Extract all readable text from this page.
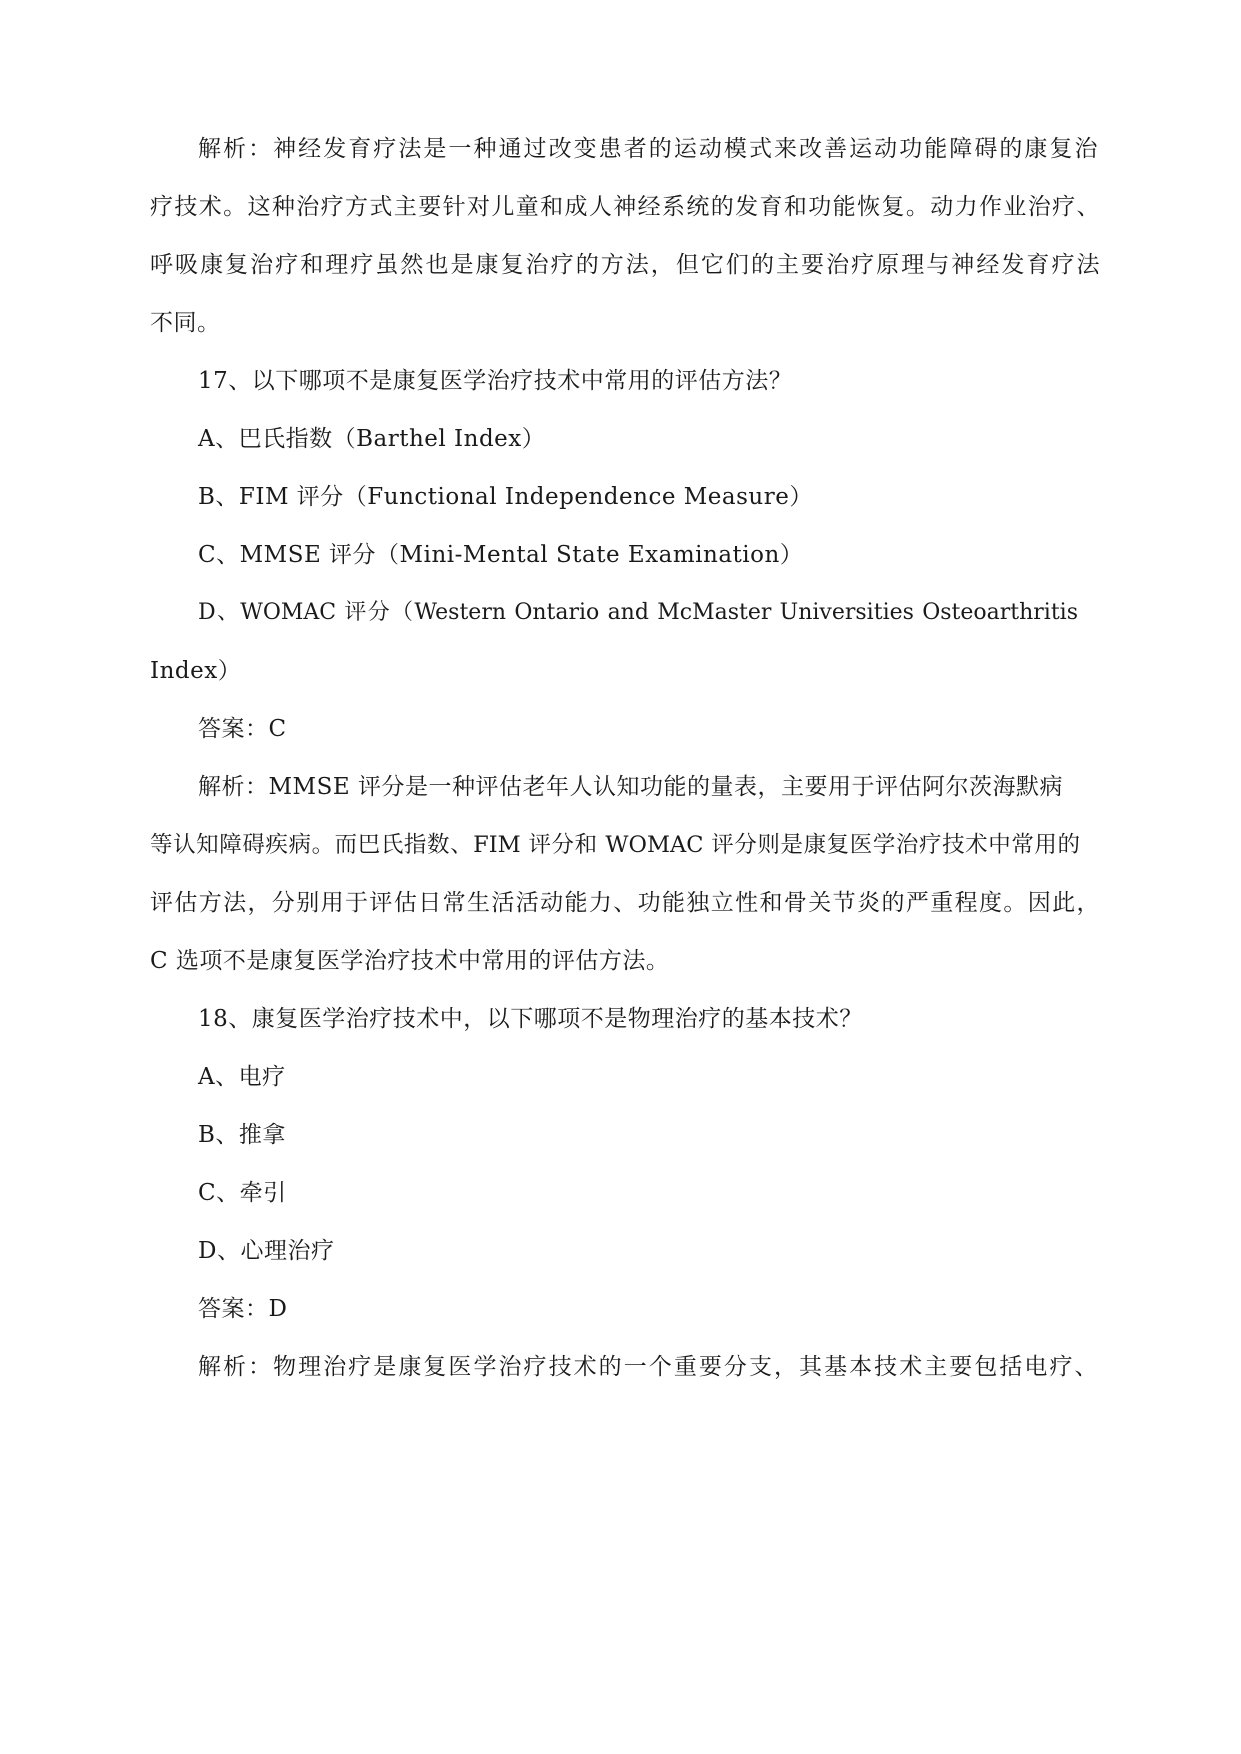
解析：神经发育疗法是一种通过改变患者的运动模式来改善运动功能障碍的康复治
疗技术。这种治疗方式主要针对儿童和成人神经系统的发育和功能恢复。动力作业治疗、
呼吸康复治疗和理疗虽然也是康复治疗的方法，但它们的主要治疗原理与神经发育疗法
不同。
17、以下哪项不是康复医学治疗技术中常用的评估方法？
A、巴氏指数（Barthel Index）
B、FIM 评分（Functional Independence Measure）
C、MMSE 评分（Mini-Mental State Examination）
D、WOMAC 评分（Western Ontario and McMaster Universities Osteoarthritis
Index）
答案：C
解析：MMSE 评分是一种评估老年人认知功能的量表，主要用于评估阿尔茨海默病
等认知障碍疾病。而巴氏指数、FIM 评分和 WOMAC 评分则是康复医学治疗技术中常用的
评估方法，分别用于评估日常生活活动能力、功能独立性和骨关节炎的严重程度。因此，
C 选项不是康复医学治疗技术中常用的评估方法。
18、康复医学治疗技术中，以下哪项不是物理治疗的基本技术？
A、电疗
B、推拿
C、牵引
D、心理治疗
答案：D
解析：物理治疗是康复医学治疗技术的一个重要分支，其基本技术主要包括电疗、
